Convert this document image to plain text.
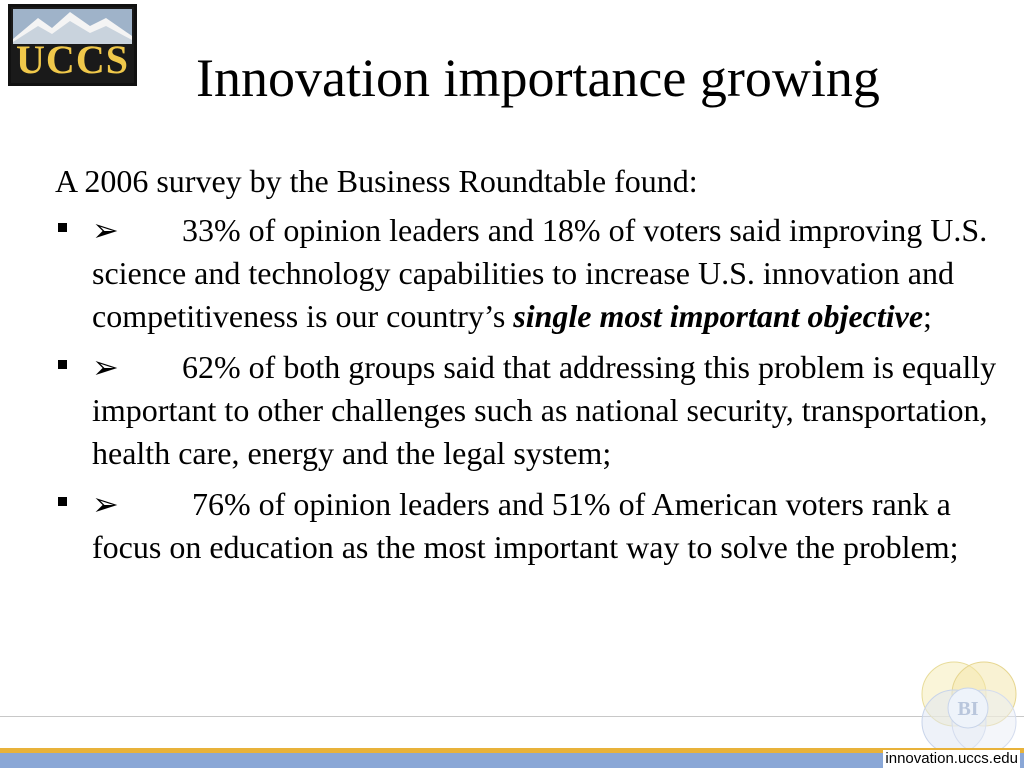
UCCS Innovation importance growing

A 2006 survey by the Business Roundtable found:

➢ 33% of opinion leaders and 18% of voters said improving U.S. science and technology capabilities to increase U.S. innovation and competitiveness is our country’s single most important objective;
➢ 62% of both groups said that addressing this problem is equally important to other challenges such as national security, transportation, health care, energy and the legal system;
➢ 76% of opinion leaders and 51% of American voters rank a focus on education as the most important way to solve the problem;
BI
innovation.uccs.edu
